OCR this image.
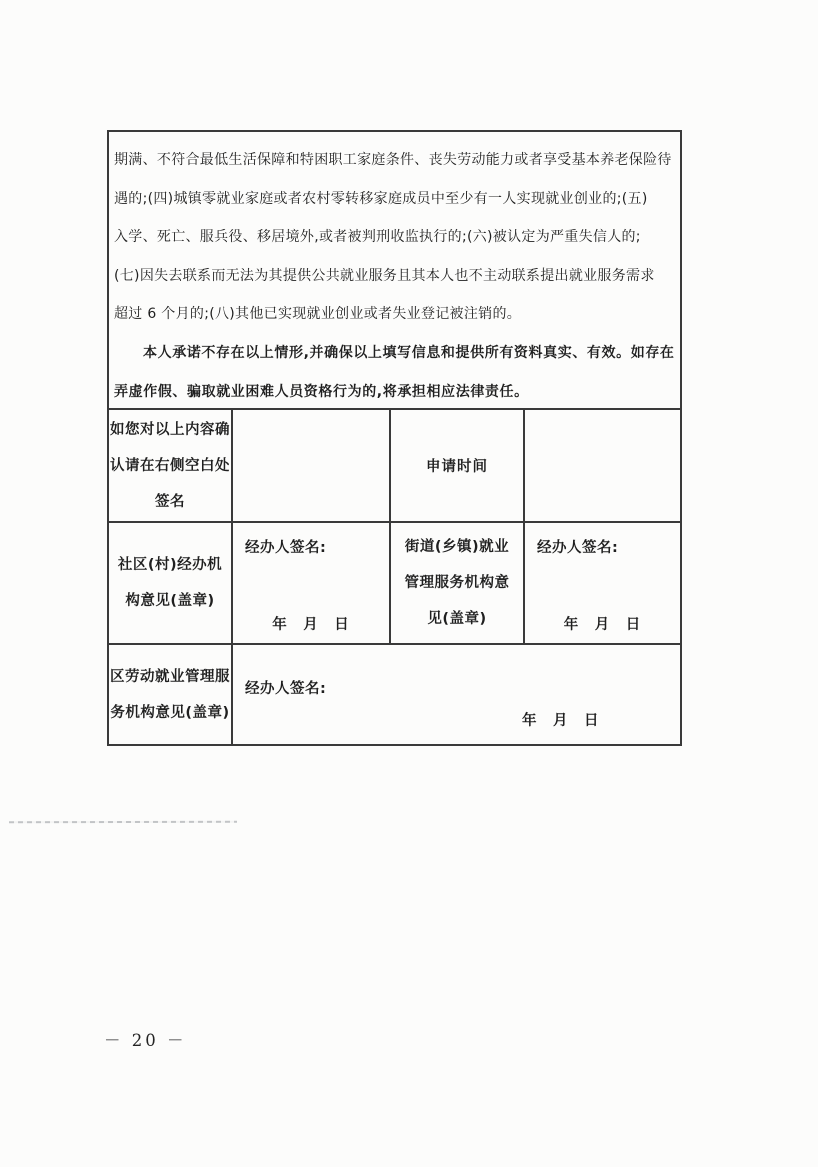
期满、不符合最低生活保障和特困职工家庭条件、丧失劳动能力或者享受基本养老保险待
遇的;(四)城镇零就业家庭或者农村零转移家庭成员中至少有一人实现就业创业的;(五)
入学、死亡、服兵役、移居境外,或者被判刑收监执行的;(六)被认定为严重失信人的;
(七)因失去联系而无法为其提供公共就业服务且其本人也不主动联系提出就业服务需求
超过 6 个月的;(八)其他已实现就业创业或者失业登记被注销的。
本人承诺不存在以上情形,并确保以上填写信息和提供所有资料真实、有效。如存在
弄虚作假、骗取就业困难人员资格行为的,将承担相应法律责任。
如您对以上内容确
认请在右侧空白处
签名
申请时间
社区(村)经办机
构意见(盖章)
经办人签名:
年　月　日
街道(乡镇)就业
管理服务机构意
见(盖章)
经办人签名:
年　月　日
区劳动就业管理服
务机构意见(盖章)
经办人签名:
年　月　日
－ 20 －
